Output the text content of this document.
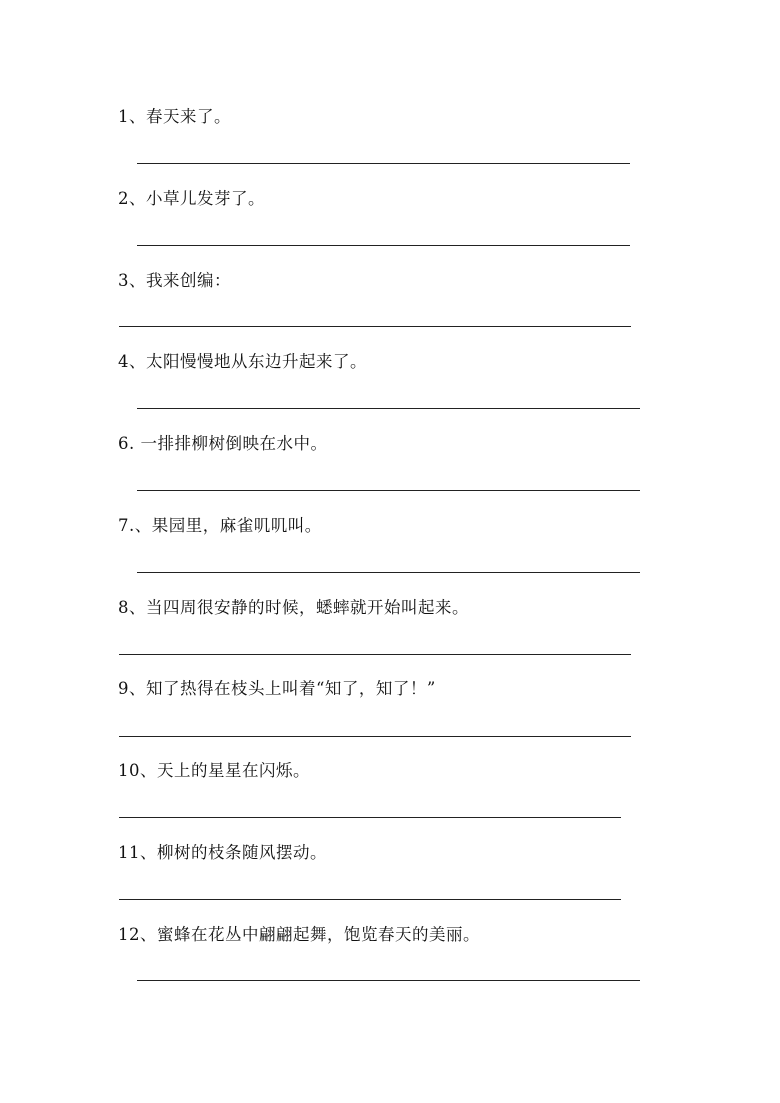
1、春天来了。
2、小草儿发芽了。
3、我来创编：
4、太阳慢慢地从东边升起来了。
6. 一排排柳树倒映在水中。
7.、果园里，麻雀叽叽叫。
8、当四周很安静的时候，蟋蟀就开始叫起来。
9、知了热得在枝头上叫着“知了，知了！”
10、天上的星星在闪烁。
11、柳树的枝条随风摆动。
12、蜜蜂在花丛中翩翩起舞，饱览春天的美丽。
